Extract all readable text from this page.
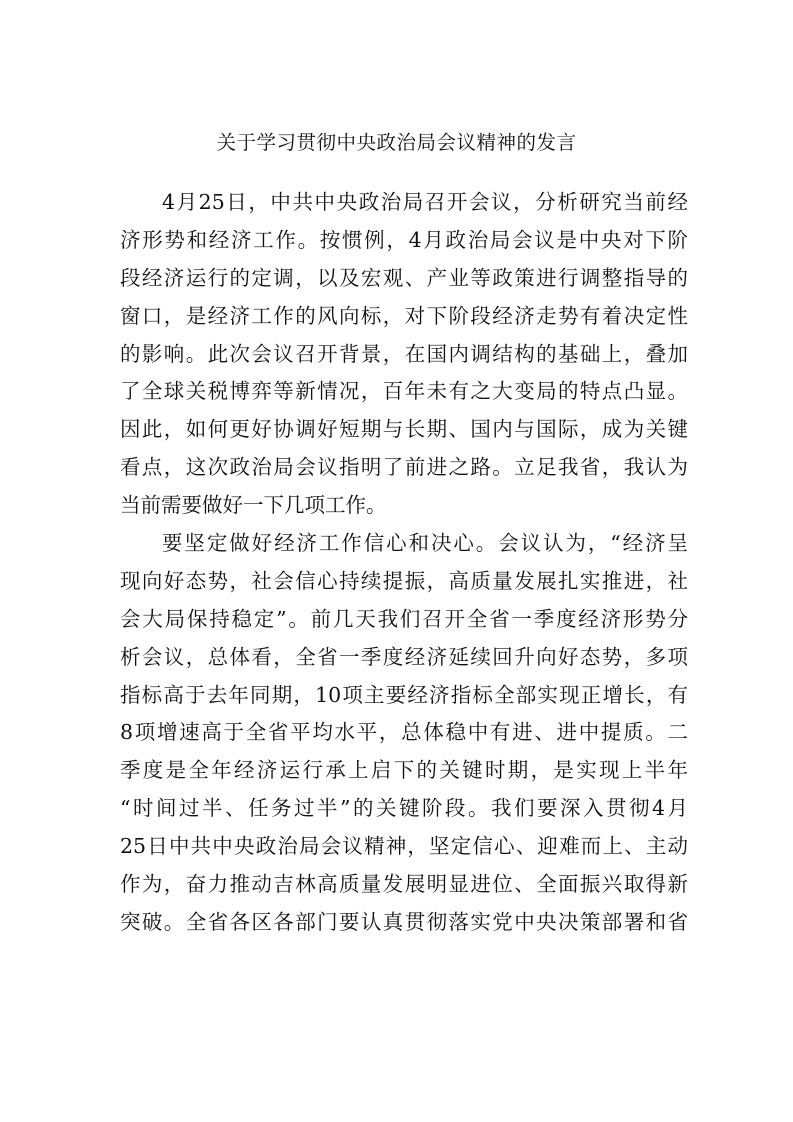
关于学习贯彻中央政治局会议精神的发言
4月25日，中共中央政治局召开会议，分析研究当前经
济形势和经济工作。按惯例，4月政治局会议是中央对下阶
段经济运行的定调，以及宏观、产业等政策进行调整指导的
窗口，是经济工作的风向标，对下阶段经济走势有着决定性
的影响。此次会议召开背景，在国内调结构的基础上，叠加
了全球关税博弈等新情况，百年未有之大变局的特点凸显。
因此，如何更好协调好短期与长期、国内与国际，成为关键
看点，这次政治局会议指明了前进之路。立足我省，我认为
当前需要做好一下几项工作。
要坚定做好经济工作信心和决心。会议认为，“经济呈
现向好态势，社会信心持续提振，高质量发展扎实推进，社
会大局保持稳定”。前几天我们召开全省一季度经济形势分
析会议，总体看，全省一季度经济延续回升向好态势，多项
指标高于去年同期，10项主要经济指标全部实现正增长，有
8项增速高于全省平均水平，总体稳中有进、进中提质。二
季度是全年经济运行承上启下的关键时期，是实现上半年
“时间过半、任务过半”的关键阶段。我们要深入贯彻4月
25日中共中央政治局会议精神，坚定信心、迎难而上、主动
作为，奋力推动吉林高质量发展明显进位、全面振兴取得新
突破。全省各区各部门要认真贯彻落实党中央决策部署和省
